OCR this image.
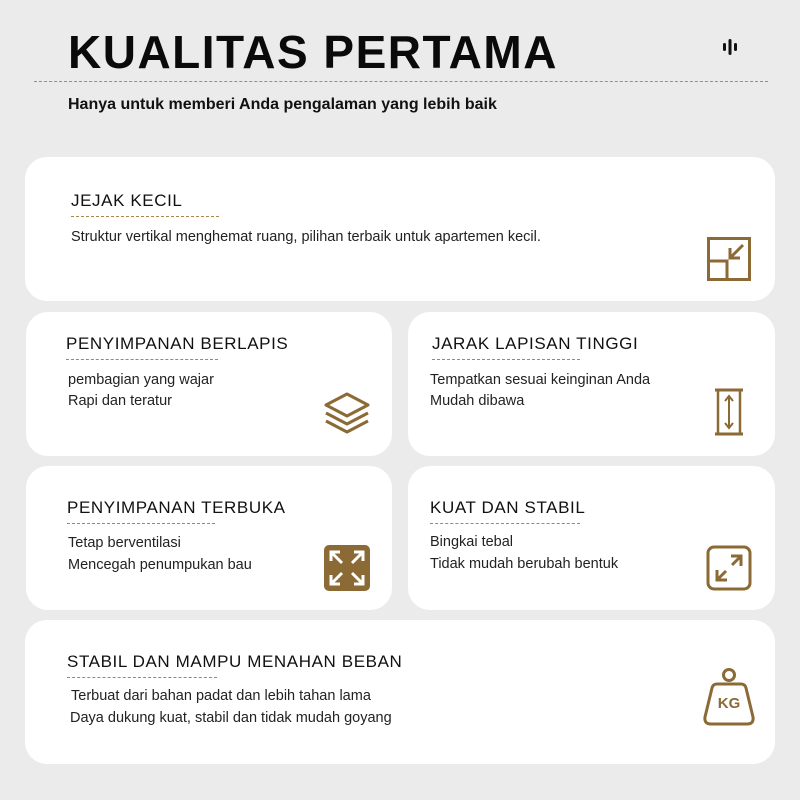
KUALITAS PERTAMA
Hanya untuk memberi Anda pengalaman yang lebih baik
JEJAK KECIL
Struktur vertikal menghemat ruang, pilihan terbaik untuk apartemen kecil.
PENYIMPANAN BERLAPIS
pembagian yang wajar
Rapi dan teratur
JARAK LAPISAN TINGGI
Tempatkan sesuai keinginan Anda
Mudah dibawa
PENYIMPANAN TERBUKA
Tetap berventilasi
Mencegah penumpukan bau
KUAT DAN STABIL
Bingkai tebal
Tidak mudah berubah bentuk
STABIL DAN MAMPU MENAHAN BEBAN
Terbuat dari bahan padat dan lebih tahan lama
Daya dukung kuat, stabil dan tidak mudah goyang
KG
